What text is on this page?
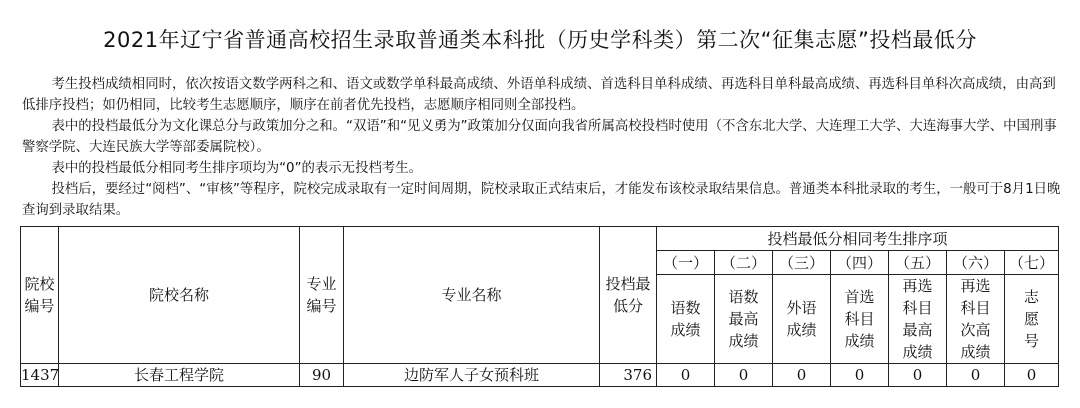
2021年辽宁省普通高校招生录取普通类本科批（历史学科类）第二次“征集志愿”投档最低分

考生投档成绩相同时，依次按语文数学两科之和、语文或数学单科最高成绩、外语单科成绩、首选科目单科成绩、再选科目单科最高成绩、再选科目单科次高成绩，由高到低排序投档；如仍相同，比较考生志愿顺序，顺序在前者优先投档，志愿顺序相同则全部投档。

表中的投档最低分为文化课总分与政策加分之和。“双语”和“见义勇为”政策加分仅面向我省所属高校投档时使用（不含东北大学、大连理工大学、大连海事大学、中国刑事警察学院、大连民族大学等部委属院校）。

表中的投档最低分相同考生排序项均为“0”的表示无投档考生。

投档后，要经过“阅档”、“审核”等程序，院校完成录取有一定时间周期，院校录取正式结束后，才能发布该校录取结果信息。普通类本科批录取的考生，一般可于8月1日晚查询到录取结果。

院校编号	院校名称	专业编号	专业名称	投档最低分	投档最低分相同考生排序项						
					（一）	（二）	（三）	（四）	（五）	（六）	（七）
					语数成绩	语数最高成绩	外语成绩	首选科目成绩	再选科目最高成绩	再选科目次高成绩	志愿号
1437	长春工程学院	90	边防军人子女预科班	376	0	0	0	0	0	0	0
